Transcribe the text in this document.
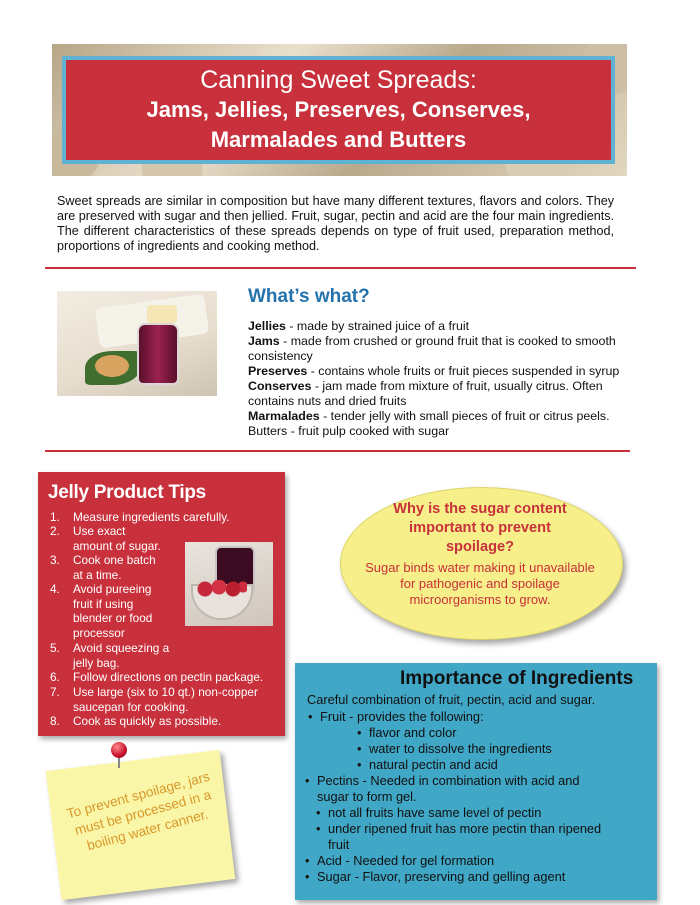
Canning Sweet Spreads:
Jams, Jellies, Preserves, Conserves,
Marmalades and Butters

Sweet spreads are similar in composition but have many different textures, flavors and colors. They are preserved with sugar and then jellied. Fruit, sugar, pectin and acid are the four main ingredients. The different characteristics of these spreads depends on type of fruit used, preparation method, proportions of ingredients and cooking method.

What’s what?

Jellies - made by strained juice of a fruit

Jams - made from crushed or ground fruit that is cooked to smooth consistency

Preserves - contains whole fruits or fruit pieces suspended in syrup

Conserves - jam made from mixture of fruit, usually citrus. Often contains nuts and dried fruits

Marmalades - tender jelly with small pieces of fruit or citrus peels.

Butters - fruit pulp cooked with sugar

Jelly Product Tips
1. Measure ingredients carefully.
2. Use exact
amount of sugar.
3. Cook one batch
at a time.
4. Avoid pureeing
fruit if using
blender or food
processor
5. Avoid squeezing a
jelly bag.
6. Follow directions on pectin package.
7. Use large (six to 10 qt.) non-copper
saucepan for cooking.
8. Cook as quickly as possible.
Why is the sugar content important to prevent spoilage?
Sugar binds water making it unavailable for pathogenic and spoilage microorganisms to grow.
Importance of Ingredients
Careful combination of fruit, pectin, acid and sugar.
• Fruit - provides the following:
• flavor and color
• water to dissolve the ingredients
• natural pectin and acid
• Pectins - Needed in combination with acid and
sugar to form gel.
• not all fruits have same level of pectin
• under ripened fruit has more pectin than ripened
fruit
• Acid - Needed for gel formation
• Sugar - Flavor, preserving and gelling agent
To prevent spoilage, jars must be processed in a boiling water canner.
